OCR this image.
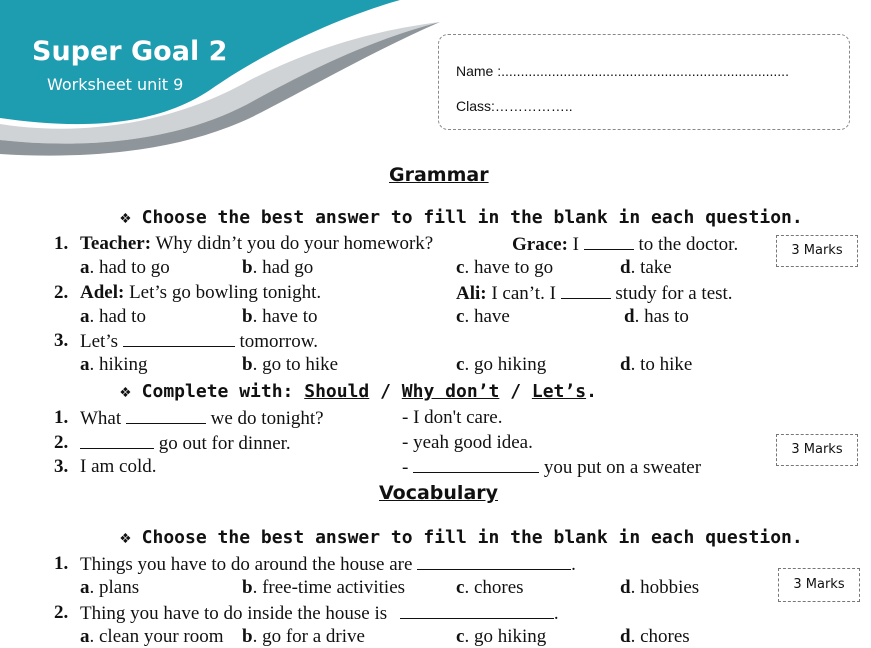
Super Goal 2
Worksheet unit 9
Name :..........................................................................
Class:……………..
Grammar
❖ Choose the best answer to fill in the blank in each question.
3 Marks
1. Teacher: Why didn’t you do your homework?	Grace: I	to the doctor.
a. had to go	b. had go	c. have to go	d. take
2. Adel: Let’s go bowling tonight.	Ali: I can’t. I	study for a test.
a. had to	b. have to	c. have	d. has to
3. Let’s	tomorrow.
a. hiking	b. go to hike	c. go hiking	d. to hike
❖ Complete with: Should / Why don’t / Let’s.
1. What	we do tonight?	- I don't care.
2.	go out for dinner.	- yeah good idea.	3 Marks
3. I am cold.	-	you put on a sweater
Vocabulary
❖ Choose the best answer to fill in the blank in each question.
3 Marks
1. Things you have to do around the house are	.
a. plans	b. free-time activities	c. chores	d. hobbies
2. Thing you have to do inside the house is	.
a. clean your room b. go for a drive	c. go hiking	d. chores
